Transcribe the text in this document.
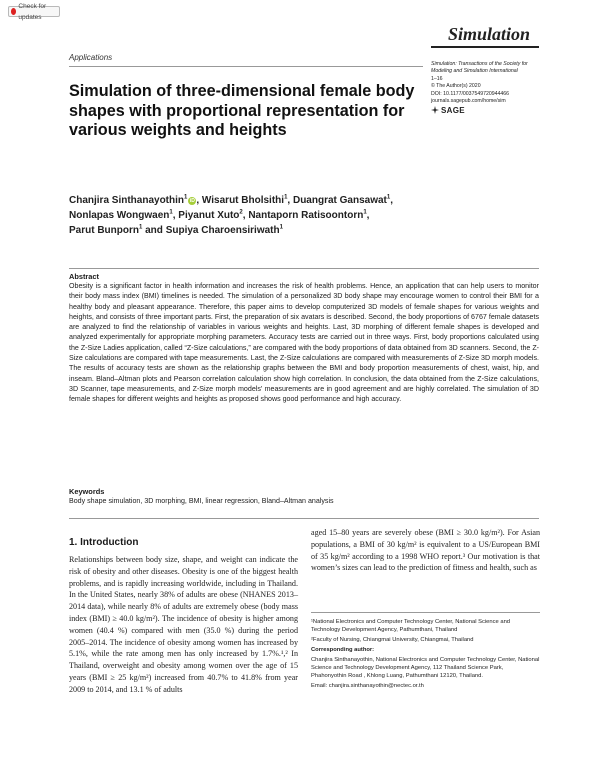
Check for updates
Simulation
Applications
Simulation: Transactions of the Society for
Modeling and Simulation International
1–16
© The Author(s) 2020
DOI: 10.1177/0037549720944466
journals.sagepub.com/home/sim
SAGE
Simulation of three-dimensional female body shapes with proportional representation for various weights and heights
Chanjira Sinthanayothin$^1$iD , Wisarut Bholsithi$^1$, Duangrat Gansawat$^1$,
Nonlapas Wongwaen$^1$, Piyanut Xuto$^2$, Nantaporn Ratisoontorn$^1$,
Parut Bunporn$^1$ and Supiya Charoensiriwath$^1$
Abstract
Obesity is a significant factor in health information and increases the risk of health problems. Hence, an application that can help users to monitor their body mass index (BMI) timelines is needed. The simulation of a personalized 3D body shape may encourage women to control their BMI for a healthy body and pleasant appearance. Therefore, this paper aims to develop computerized 3D models of female shapes for various weights and heights, and consists of three important parts. First, the preparation of six avatars is described. Second, the body proportions of 6767 female datasets are analyzed to find the relationship of variables in various weights and heights. Last, 3D morphing of different female shapes is developed and analyzed experimentally for appropriate morphing parameters. Accuracy tests are carried out in three ways. First, body proportions calculated using the Z-Size Ladies application, called “Z-Size calculations,” are compared with the body proportions of data obtained from 3D scanners. Second, the Z-Size calculations are compared with tape measurements. Last, the Z-Size calculations are compared with measurements of Z-Size 3D morph models. The results of accuracy tests are shown as the relationship graphs between the BMI and body proportion measurements of chest, waist, hip, and inseam. Bland–Altman plots and Pearson correlation calculation show high correlation. In conclusion, the data obtained from the Z-Size calculations, 3D Scanner, tape measurements, and Z-Size morph models’ measurements are in good agreement and are highly correlated. The simulation of 3D female shapes for different weights and heights as proposed shows good performance and high accuracy.
Keywords
Body shape simulation, 3D morphing, BMI, linear regression, Bland–Altman analysis
1. Introduction
Relationships between body size, shape, and weight can indicate the risk of obesity and other diseases. Obesity is one of the biggest health problems, and is rapidly increasing worldwide, including in Thailand. In the United States, nearly 38% of adults are obese (NHANES 2013–2014 data), while nearly 8% of adults are extremely obese (body mass index (BMI) ≥ 40.0 kg/m²). The incidence of obesity is higher among women (40.4 %) compared with men (35.0 %) during the period 2005–2014. The incidence of obesity among women has increased by 5.1%, while the rate among men has only increased by 1.7%.¹,² In Thailand, overweight and obesity among women over the age of 15 years (BMI ≥ 25 kg/m²) increased from 40.7% to 41.8% from year 2009 to 2014, and 13.1 % of adults
aged 15–80 years are severely obese (BMI ≥ 30.0 kg/m²). For Asian populations, a BMI of 30 kg/m² is equivalent to a US/European BMI of 35 kg/m² according to a 1998 WHO report.³ Our motivation is that women’s sizes can lead to the prediction of fitness and health, such as

¹National Electronics and Computer Technology Center, National Science and Technology Development Agency, Pathumthani, Thailand

²Faculty of Nursing, Chiangmai University, Chiangmai, Thailand

Corresponding author:

Chanjira Sinthanayothin, National Electronics and Computer Technology Center, National Science and Technology Development Agency, 112 Thailand Science Park, Phahonyothin Road , Khlong Luang, Pathumthani 12120, Thailand.

Email: chanjira.sinthanayothin@nectec.or.th
